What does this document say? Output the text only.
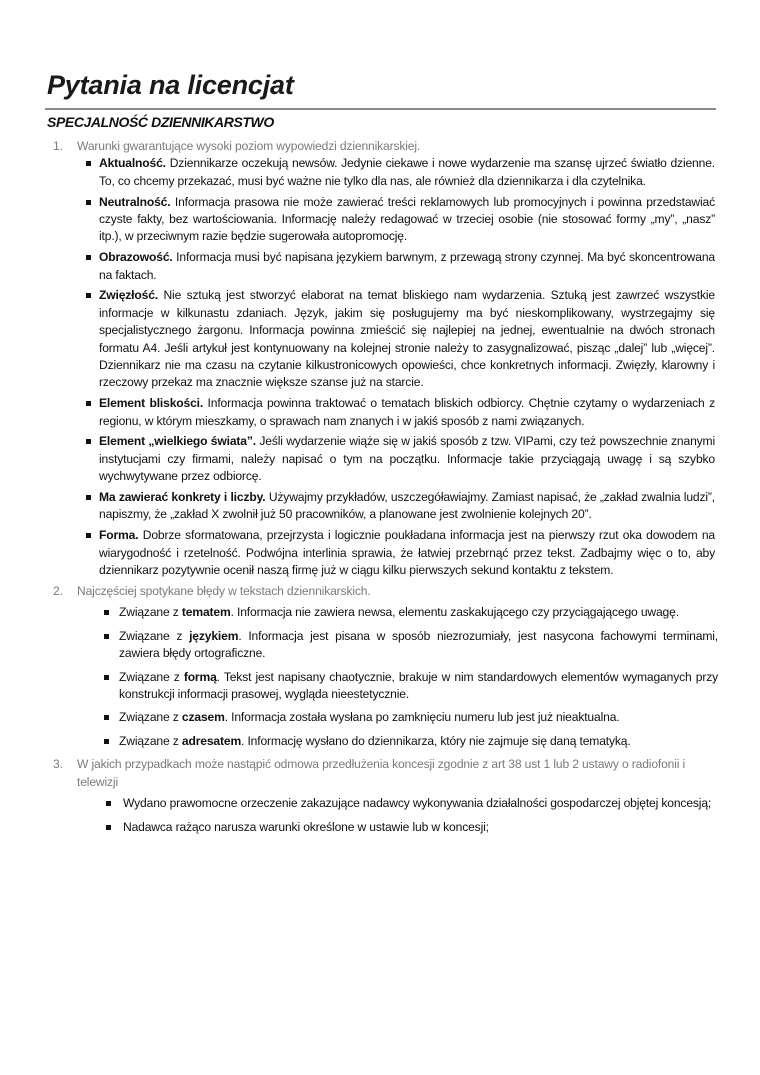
Pytania na licencjat
SPECJALNOŚĆ DZIENNIKARSTWO
1. Warunki gwarantujące wysoki poziom wypowiedzi dziennikarskiej.
Aktualność. Dziennikarze oczekują newsów. Jedynie ciekawe i nowe wydarzenie ma szansę ujrzeć światło dzienne. To, co chcemy przekazać, musi być ważne nie tylko dla nas, ale również dla dziennikarza i dla czytelnika.
Neutralność. Informacja prasowa nie może zawierać treści reklamowych lub promocyjnych i powinna przedstawiać czyste fakty, bez wartościowania. Informację należy redagować w trzeciej osobie (nie stosować formy „my”, „nasz” itp.), w przeciwnym razie będzie sugerowała autopromocję.
Obrazowość. Informacja musi być napisana językiem barwnym, z przewagą strony czynnej. Ma być skoncentrowana na faktach.
Zwięzłość. Nie sztuką jest stworzyć elaborat na temat bliskiego nam wydarzenia. Sztuką jest zawrzeć wszystkie informacje w kilkunastu zdaniach. Język, jakim się posługujemy ma być nieskomplikowany, wystrzegajmy się specjalistycznego żargonu. Informacja powinna zmieścić się najlepiej na jednej, ewentualnie na dwóch stronach formatu A4. Jeśli artykuł jest kontynuowany na kolejnej stronie należy to zasygnalizować, pisząc „dalej” lub „więcej”. Dziennikarz nie ma czasu na czytanie kilkustronicowych opowieści, chce konkretnych informacji. Zwięzły, klarowny i rzeczowy przekaz ma znacznie większe szanse już na starcie.
Element bliskości. Informacja powinna traktować o tematach bliskich odbiorcy. Chętnie czytamy o wydarzeniach z regionu, w którym mieszkamy, o sprawach nam znanych i w jakiś sposób z nami związanych.
Element „wielkiego świata”. Jeśli wydarzenie wiąże się w jakiś sposób z tzw. VIPami, czy też powszechnie znanymi instytucjami czy firmami, należy napisać o tym na początku. Informacje takie przyciągają uwagę i są szybko wychwytywane przez odbiorcę.
Ma zawierać konkrety i liczby. Używajmy przykładów, uszczegóławiajmy. Zamiast napisać, że „zakład zwalnia ludzi”, napiszmy, że „zakład X zwolnił już 50 pracowników, a planowane jest zwolnienie kolejnych 20”.
Forma. Dobrze sformatowana, przejrzysta i logicznie poukładana informacja jest na pierwszy rzut oka dowodem na wiarygodność i rzetelność. Podwójna interlinia sprawia, że łatwiej przebrnąć przez tekst. Zadbajmy więc o to, aby dziennikarz pozytywnie ocenił naszą firmę już w ciągu kilku pierwszych sekund kontaktu z tekstem.
2. Najczęściej spotykane błędy w tekstach dziennikarskich.
Związane z tematem. Informacja nie zawiera newsa, elementu zaskakującego czy przyciągającego uwagę.
Związane z językiem. Informacja jest pisana w sposób niezrozumiały, jest nasycona fachowymi terminami, zawiera błędy ortograficzne.
Związane z formą. Tekst jest napisany chaotycznie, brakuje w nim standardowych elementów wymaganych przy konstrukcji informacji prasowej, wygląda nieestetycznie.
Związane z czasem. Informacja została wysłana po zamknięciu numeru lub jest już nieaktualna.
Związane z adresatem. Informację wysłano do dziennikarza, który nie zajmuje się daną tematyką.
3. W jakich przypadkach może nastąpić odmowa przedłużenia koncesji zgodnie z art 38 ust 1 lub 2 ustawy o radiofonii i telewizji
Wydano prawomocne orzeczenie zakazujące nadawcy wykonywania działalności gospodarczej objętej koncesją;
Nadawca rażąco narusza warunki określone w ustawie lub w koncesji;
